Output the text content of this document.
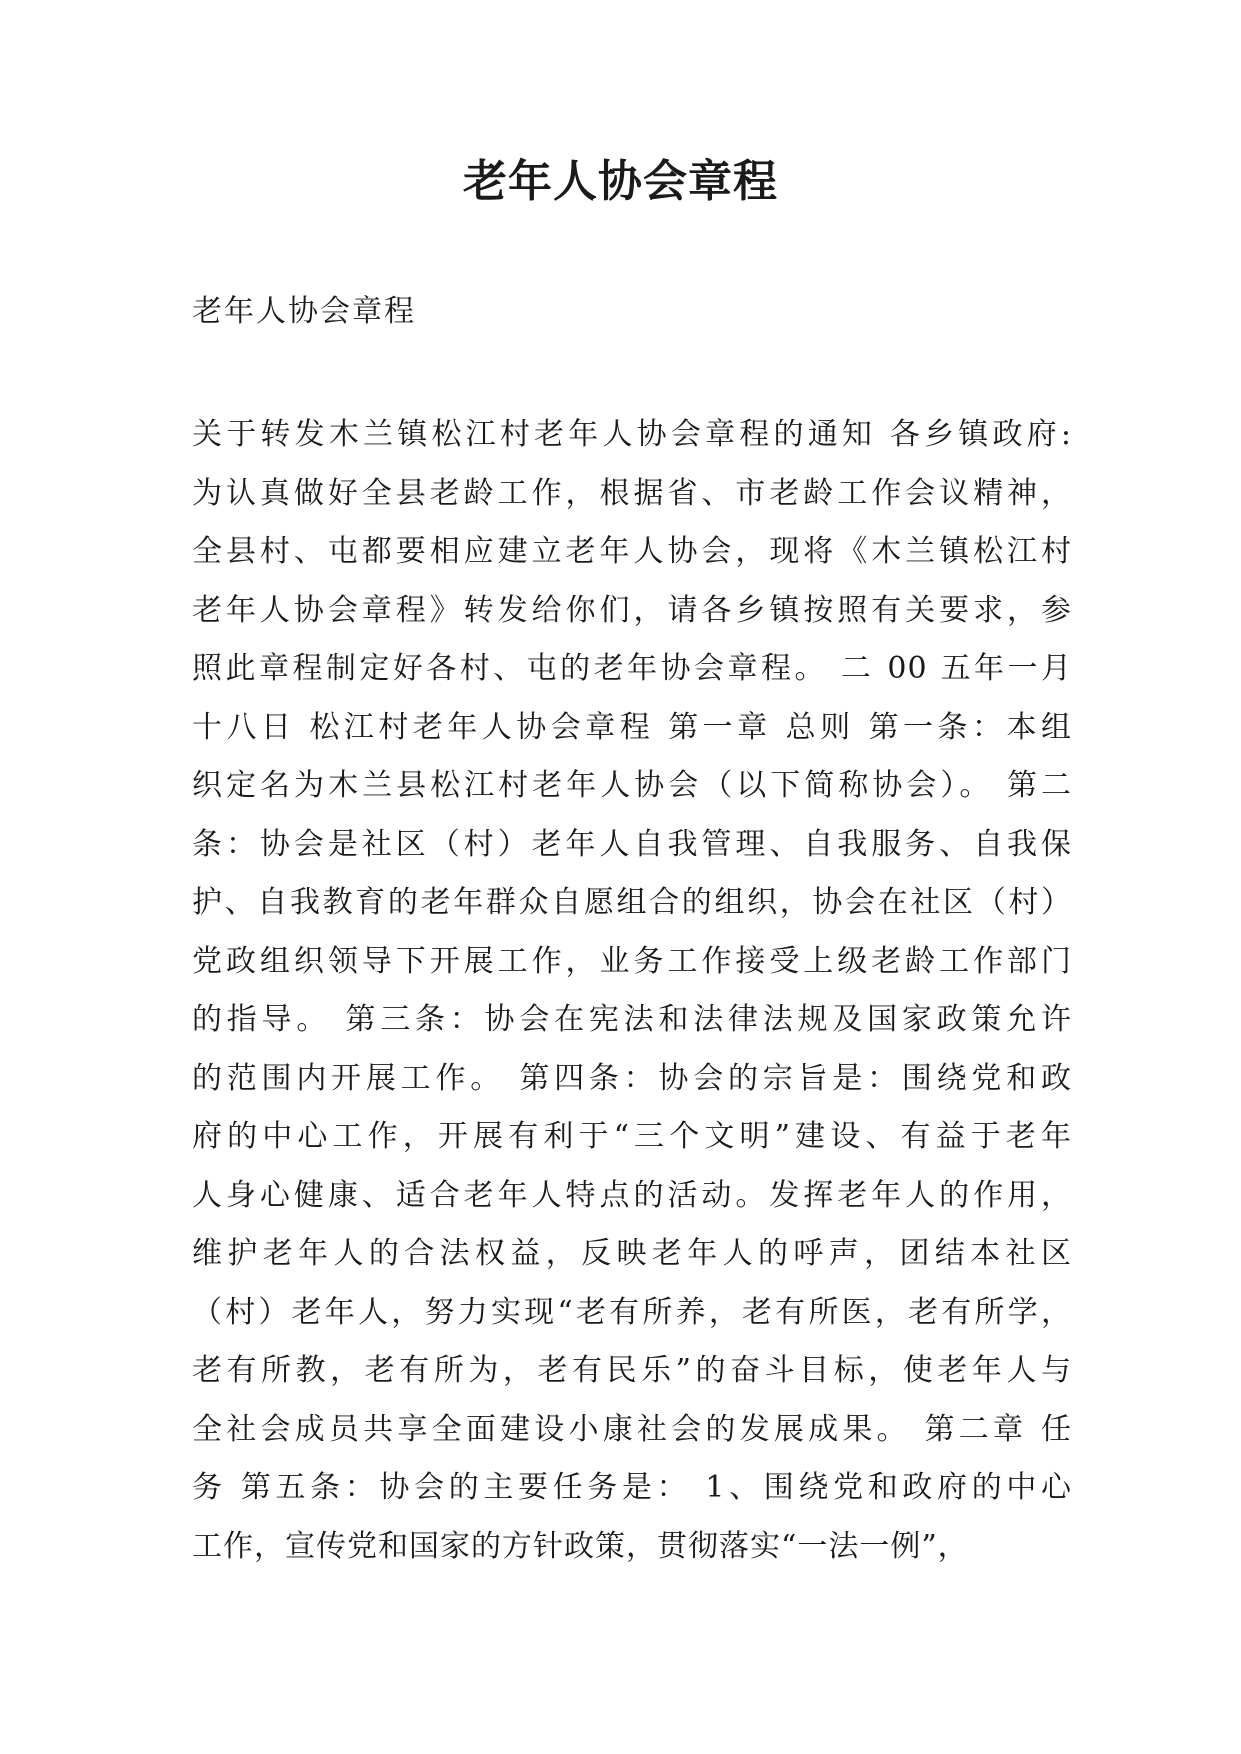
老年人协会章程

老年人协会章程

关于转发木兰镇松江村老年人协会章程的通知 各乡镇政府:
为认真做好全县老龄工作，根据省、市老龄工作会议精神，
全县村、屯都要相应建立老年人协会，现将《木兰镇松江村
老年人协会章程》转发给你们，请各乡镇按照有关要求，参
照此章程制定好各村、屯的老年协会章程。 二 00 五年一月
十八日 松江村老年人协会章程 第一章 总则 第一条：本组
织定名为木兰县松江村老年人协会（以下简称协会）。 第二
条：协会是社区（村）老年人自我管理、自我服务、自我保
护、自我教育的老年群众自愿组合的组织，协会在社区（村）
党政组织领导下开展工作，业务工作接受上级老龄工作部门
的指导。 第三条：协会在宪法和法律法规及国家政策允许
的范围内开展工作。 第四条：协会的宗旨是：围绕党和政
府的中心工作，开展有利于“三个文明”建设、有益于老年
人身心健康、适合老年人特点的活动。发挥老年人的作用，
维护老年人的合法权益，反映老年人的呼声，团结本社区
（村）老年人，努力实现“老有所养，老有所医，老有所学，
老有所教，老有所为，老有民乐”的奋斗目标，使老年人与
全社会成员共享全面建设小康社会的发展成果。 第二章 任
务 第五条：协会的主要任务是： 1、围绕党和政府的中心
工作，宣传党和国家的方针政策，贯彻落实“一法一例”，
